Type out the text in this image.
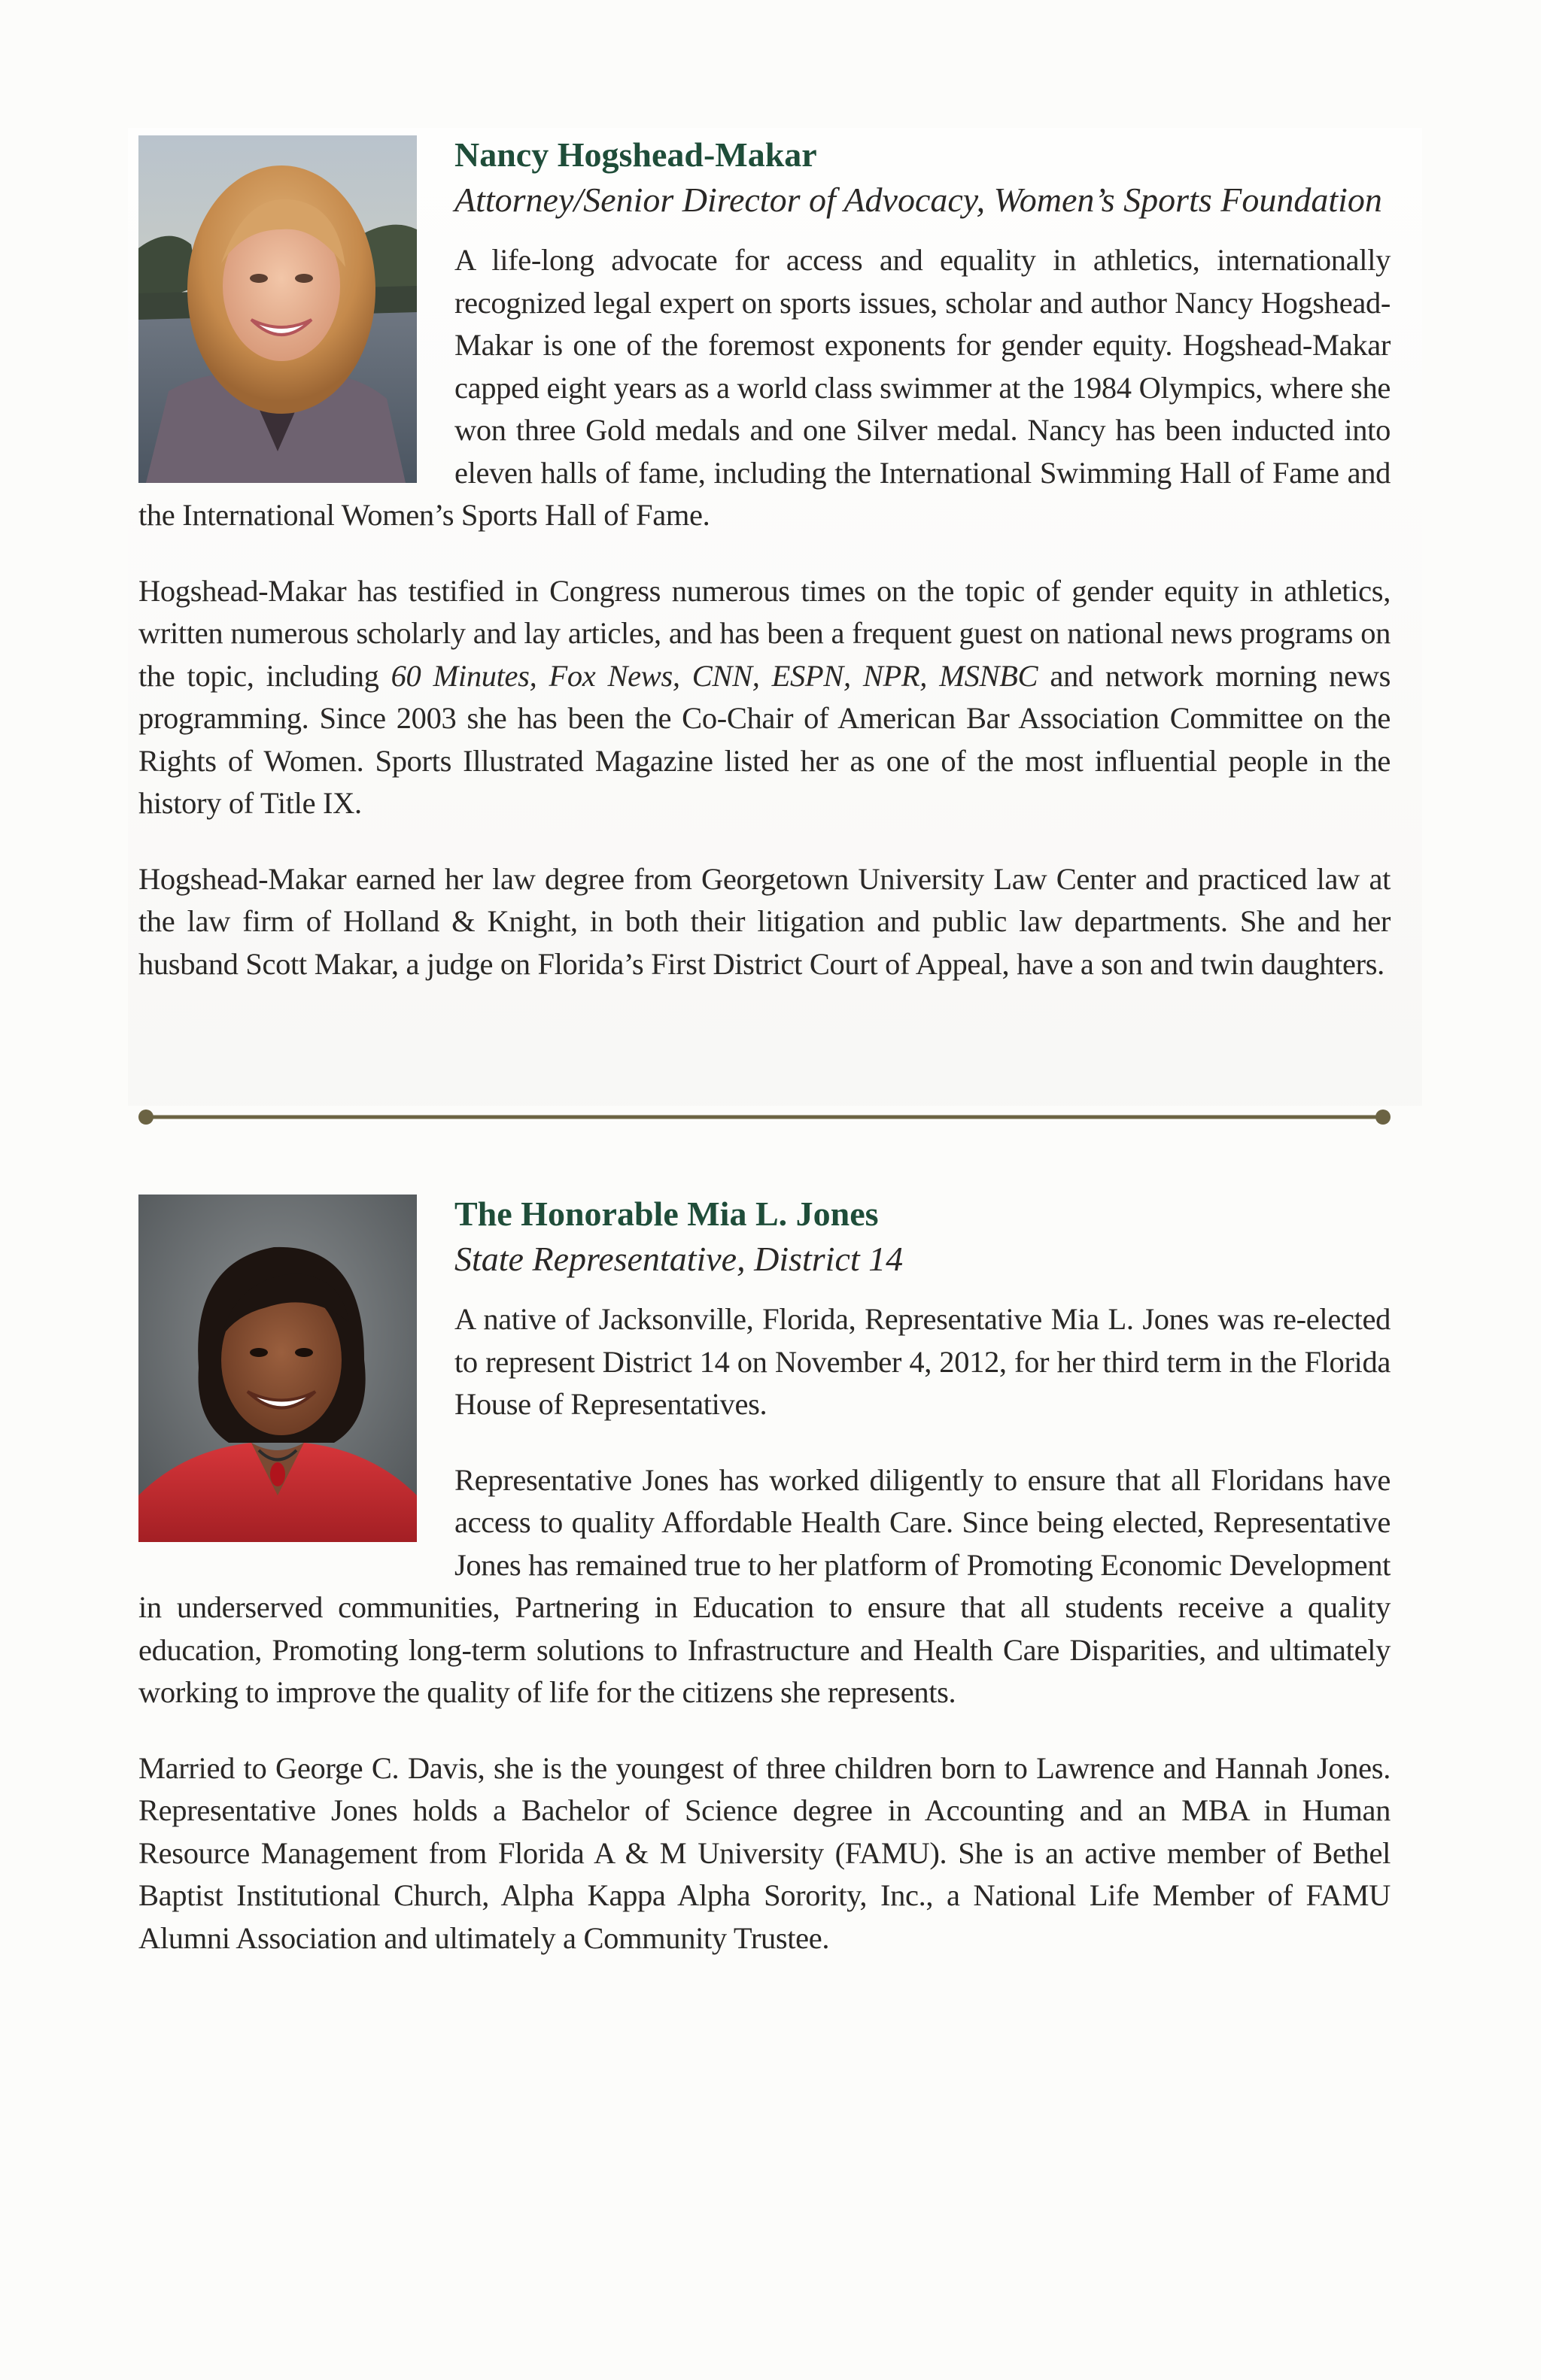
Nancy Hogshead-Makar
Attorney/Senior Director of Advocacy, Women’s Sports Foundation

A life-long advocate for access and equality in athletics, internationally recognized legal expert on sports issues, scholar and author Nancy Hogshead-Makar is one of the foremost exponents for gender equity. Hogshead-Makar capped eight years as a world class swimmer at the 1984 Olympics, where she won three Gold medals and one Silver medal. Nancy has been inducted into eleven halls of fame, including the International Swimming Hall of Fame and the International Women’s Sports Hall of Fame.

Hogshead-Makar has testified in Congress numerous times on the topic of gender equity in athletics, written numerous scholarly and lay articles, and has been a frequent guest on national news programs on the topic, including 60 Minutes, Fox News, CNN, ESPN, NPR, MSNBC and network morning news programming. Since 2003 she has been the Co-Chair of American Bar Association Committee on the Rights of Women. Sports Illustrated Magazine listed her as one of the most influential people in the history of Title IX.

Hogshead-Makar earned her law degree from Georgetown University Law Center and practiced law at the law firm of Holland & Knight, in both their litigation and public law departments. She and her husband Scott Makar, a judge on Florida’s First District Court of Appeal, have a son and twin daughters.

The Honorable Mia L. Jones
State Representative, District 14

A native of Jacksonville, Florida, Representative Mia L. Jones was re-elected to represent District 14 on November 4, 2012, for her third term in the Florida House of Representatives.

Representative Jones has worked diligently to ensure that all Floridans have access to quality Affordable Health Care. Since being elected, Representative Jones has remained true to her platform of Promoting Economic Development in underserved communities, Partnering in Education to ensure that all students receive a quality education, Promoting long-term solutions to Infrastructure and Health Care Disparities, and ultimately working to improve the quality of life for the citizens she represents.

Married to George C. Davis, she is the youngest of three children born to Lawrence and Hannah Jones. Representative Jones holds a Bachelor of Science degree in Accounting and an MBA in Human Resource Management from Florida A & M University (FAMU). She is an active member of Bethel Baptist Institutional Church, Alpha Kappa Alpha Sorority, Inc., a National Life Member of FAMU Alumni Association and ultimately a Community Trustee.
